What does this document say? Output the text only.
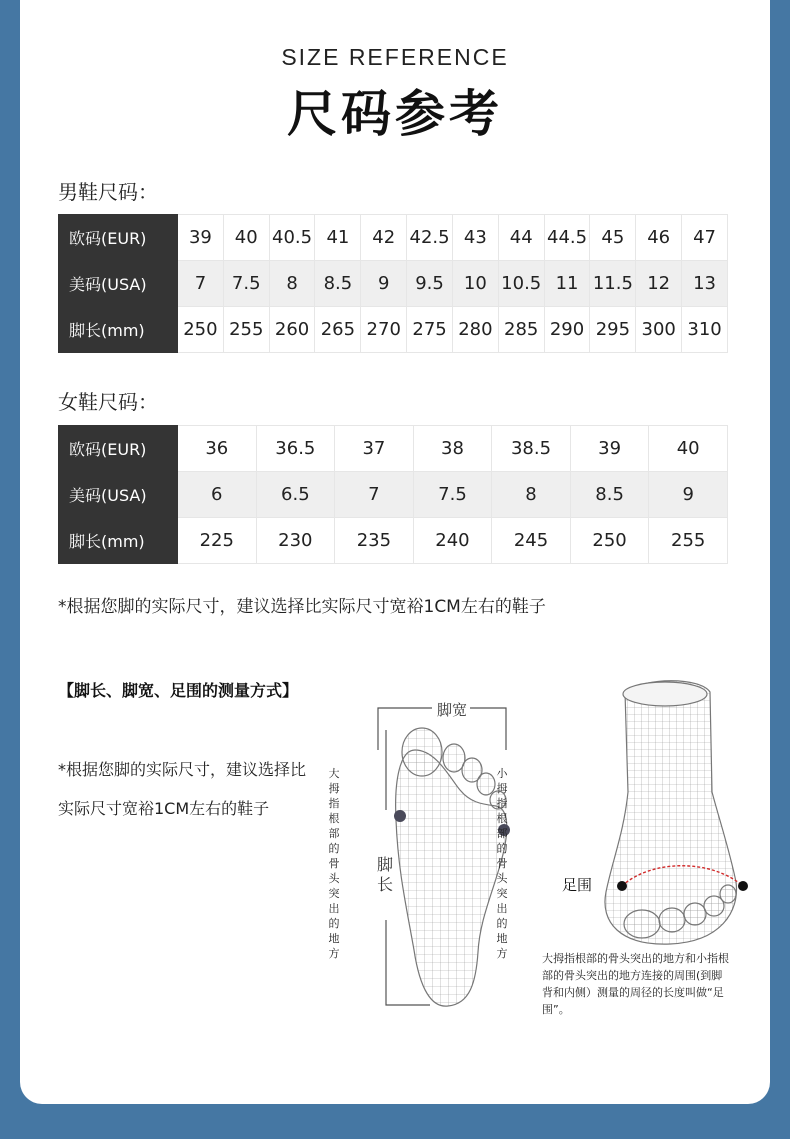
SIZE REFERENCE
尺码参考
男鞋尺码：
欧码(EUR)	39	40	40.5	41	42	42.5	43	44	44.5	45	46	47
美码(USA)	7	7.5	8	8.5	9	9.5	10	10.5	11	11.5	12	13
脚长(mm)	250	255	260	265	270	275	280	285	290	295	300	310
女鞋尺码：
欧码(EUR)	36	36.5	37	38	38.5	39	40
美码(USA)	6	6.5	7	7.5	8	8.5	9
脚长(mm)	225	230	235	240	245	250	255
*根据您脚的实际尺寸，建议选择比实际尺寸宽裕1CM左右的鞋子
【脚长、脚宽、足围的测量方式】
*根据您脚的实际尺寸，建议选择比实际尺寸宽裕1CM左右的鞋子
脚宽
脚长
大拇指根部的骨头突出的地方
小拇指根部的骨头突出的地方
足围
大拇指根部的骨头突出的地方和小指根部的骨头突出的地方连接的周围(到脚背和内侧）测量的周径的长度叫做“足围”。
